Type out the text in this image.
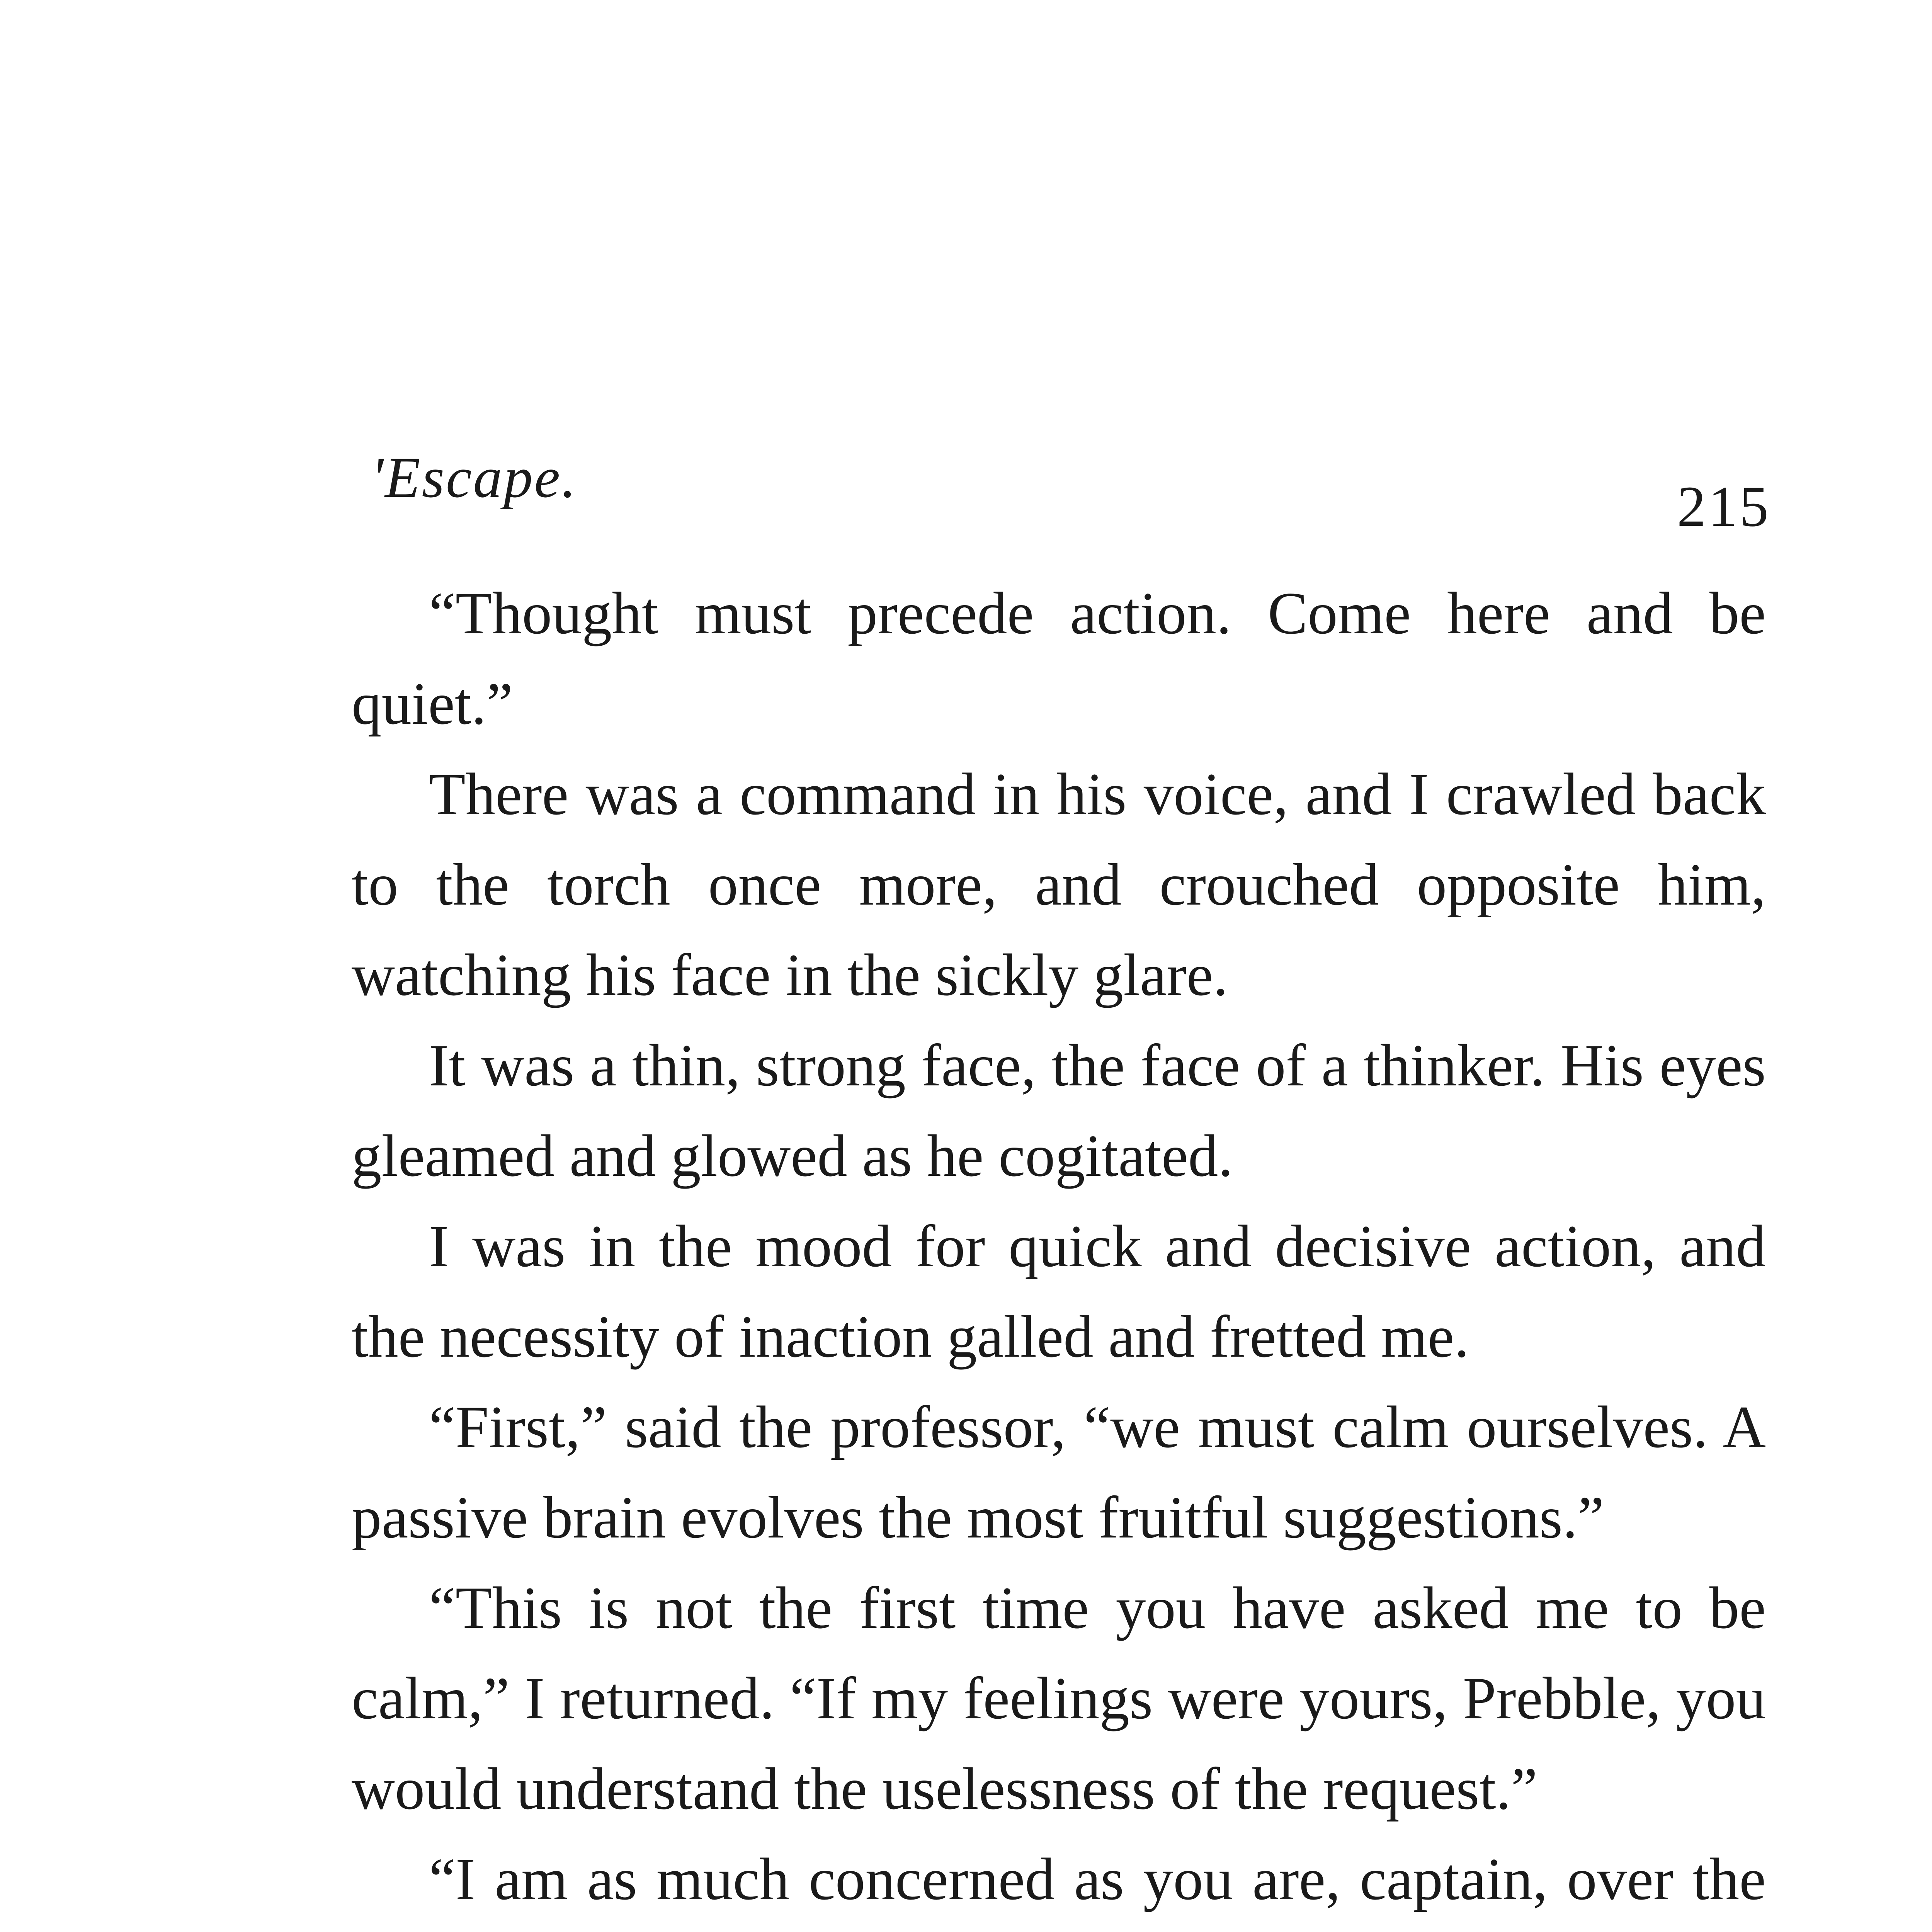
'Escape.	215

“Thought must precede action. Come here and be quiet.”

There was a command in his voice, and I crawled back to the torch once more, and crouched opposite him, watching his face in the sickly glare.

It was a thin, strong face, the face of a thinker. His eyes gleamed and glowed as he cogitated.

I was in the mood for quick and decisive action, and the necessity of inaction galled and fretted me.

“First,” said the professor, “we must calm ourselves. A passive brain evolves the most fruitful suggestions.”

“This is not the first time you have asked me to be calm,” I returned. “If my feelings were yours, Prebble, you would understand the uselessness of the request.”

“I am as much concerned as you are, captain, over the
